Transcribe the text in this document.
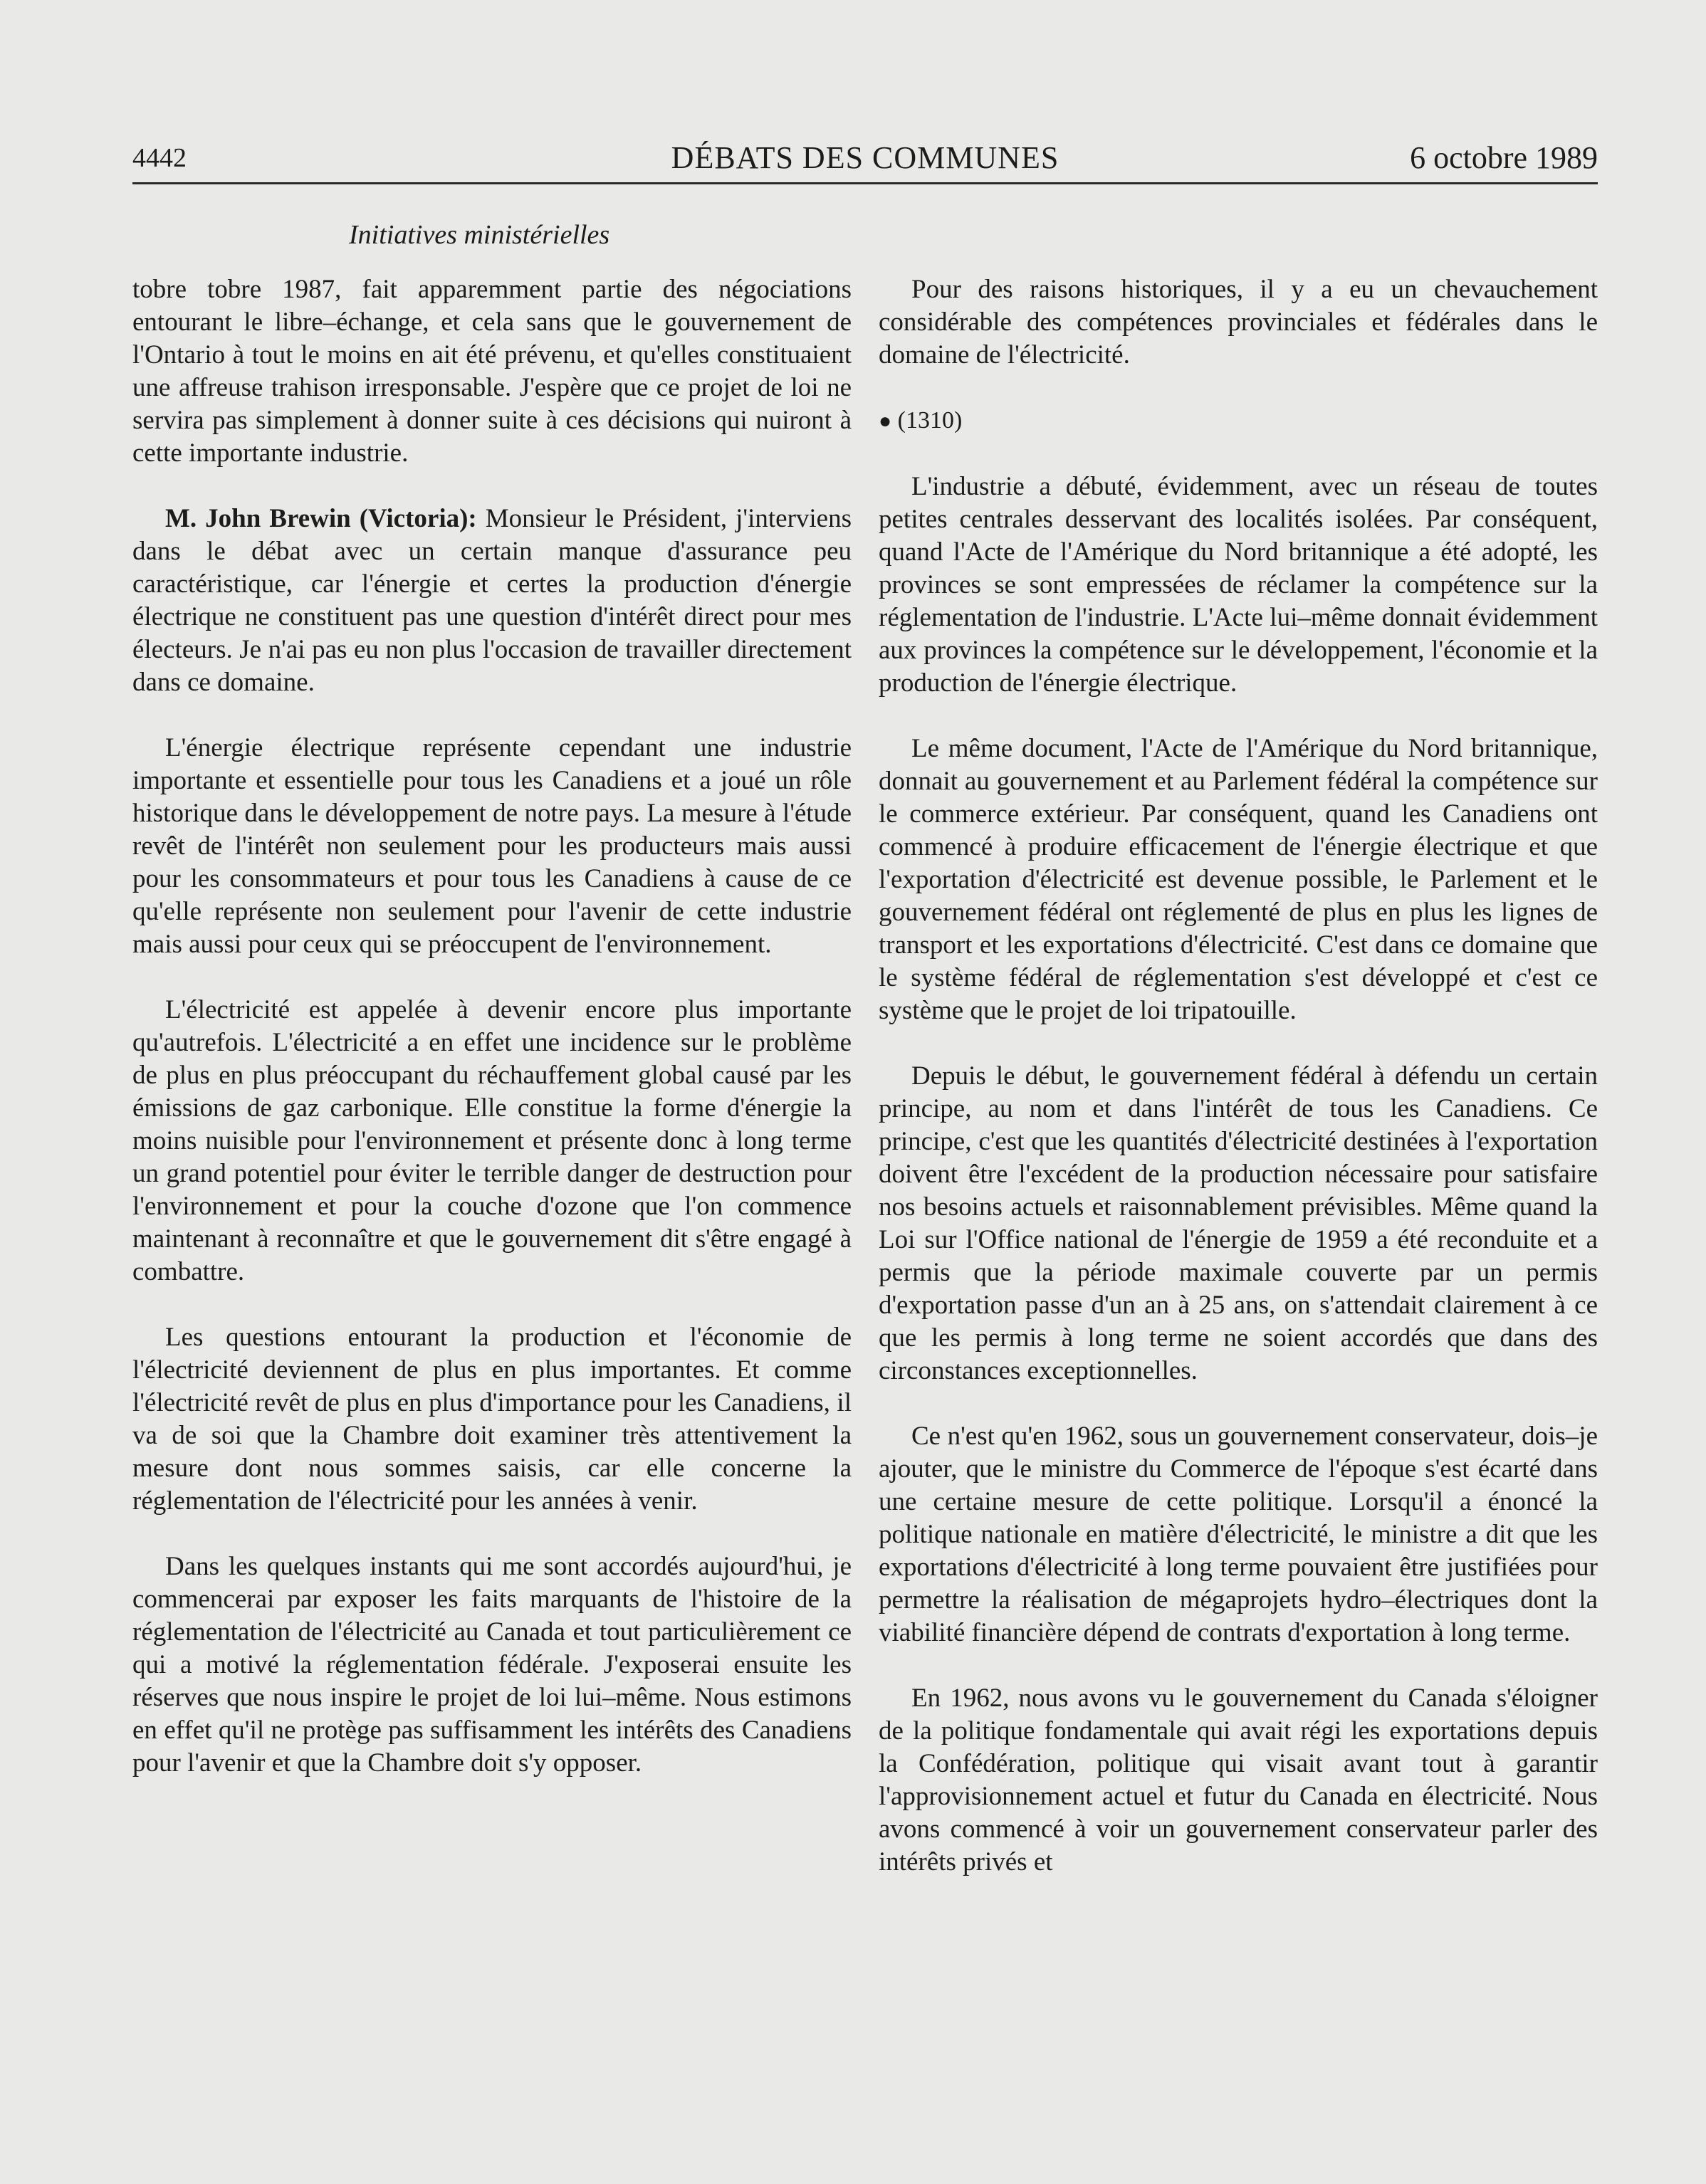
4442	DÉBATS DES COMMUNES	6 octobre 1989
Initiatives ministérielles

tobre tobre 1987, fait apparemment partie des négociations entourant le libre–échange, et cela sans que le gouvernement de l'Ontario à tout le moins en ait été prévenu, et qu'elles constituaient une affreuse trahison irresponsable. J'espère que ce projet de loi ne servira pas simplement à donner suite à ces décisions qui nuiront à cette importante industrie.

M. John Brewin (Victoria): Monsieur le Président, j'interviens dans le débat avec un certain manque d'assurance peu caractéristique, car l'énergie et certes la production d'énergie électrique ne constituent pas une question d'intérêt direct pour mes électeurs. Je n'ai pas eu non plus l'occasion de travailler directement dans ce domaine.

L'énergie électrique représente cependant une industrie importante et essentielle pour tous les Canadiens et a joué un rôle historique dans le développement de notre pays. La mesure à l'étude revêt de l'intérêt non seulement pour les producteurs mais aussi pour les consommateurs et pour tous les Canadiens à cause de ce qu'elle représente non seulement pour l'avenir de cette industrie mais aussi pour ceux qui se préoccupent de l'environnement.

L'électricité est appelée à devenir encore plus importante qu'autrefois. L'électricité a en effet une incidence sur le problème de plus en plus préoccupant du réchauffement global causé par les émissions de gaz carbonique. Elle constitue la forme d'énergie la moins nuisible pour l'environnement et présente donc à long terme un grand potentiel pour éviter le terrible danger de destruction pour l'environnement et pour la couche d'ozone que l'on commence maintenant à reconnaître et que le gouvernement dit s'être engagé à combattre.

Les questions entourant la production et l'économie de l'électricité deviennent de plus en plus importantes. Et comme l'électricité revêt de plus en plus d'importance pour les Canadiens, il va de soi que la Chambre doit examiner très attentivement la mesure dont nous sommes saisis, car elle concerne la réglementation de l'électricité pour les années à venir.

Dans les quelques instants qui me sont accordés aujourd'hui, je commencerai par exposer les faits marquants de l'histoire de la réglementation de l'électricité au Canada et tout particulièrement ce qui a motivé la réglementation fédérale. J'exposerai ensuite les réserves que nous inspire le projet de loi lui–même. Nous estimons en effet qu'il ne protège pas suffisamment les intérêts des Canadiens pour l'avenir et que la Chambre doit s'y opposer.

Pour des raisons historiques, il y a eu un chevauchement considérable des compétences provinciales et fédérales dans le domaine de l'électricité.

● (1310)

L'industrie a débuté, évidemment, avec un réseau de toutes petites centrales desservant des localités isolées. Par conséquent, quand l'Acte de l'Amérique du Nord britannique a été adopté, les provinces se sont empressées de réclamer la compétence sur la réglementation de l'industrie. L'Acte lui–même donnait évidemment aux provinces la compétence sur le développement, l'économie et la production de l'énergie électrique.

Le même document, l'Acte de l'Amérique du Nord britannique, donnait au gouvernement et au Parlement fédéral la compétence sur le commerce extérieur. Par conséquent, quand les Canadiens ont commencé à produire efficacement de l'énergie électrique et que l'exportation d'électricité est devenue possible, le Parlement et le gouvernement fédéral ont réglementé de plus en plus les lignes de transport et les exportations d'électricité. C'est dans ce domaine que le système fédéral de réglementation s'est développé et c'est ce système que le projet de loi tripatouille.

Depuis le début, le gouvernement fédéral à défendu un certain principe, au nom et dans l'intérêt de tous les Canadiens. Ce principe, c'est que les quantités d'électricité destinées à l'exportation doivent être l'excédent de la production nécessaire pour satisfaire nos besoins actuels et raisonnablement prévisibles. Même quand la Loi sur l'Office national de l'énergie de 1959 a été reconduite et a permis que la période maximale couverte par un permis d'exportation passe d'un an à 25 ans, on s'attendait clairement à ce que les permis à long terme ne soient accordés que dans des circonstances exceptionnelles.

Ce n'est qu'en 1962, sous un gouvernement conservateur, dois–je ajouter, que le ministre du Commerce de l'époque s'est écarté dans une certaine mesure de cette politique. Lorsqu'il a énoncé la politique nationale en matière d'électricité, le ministre a dit que les exportations d'électricité à long terme pouvaient être justifiées pour permettre la réalisation de mégaprojets hydro–électriques dont la viabilité financière dépend de contrats d'exportation à long terme.

En 1962, nous avons vu le gouvernement du Canada s'éloigner de la politique fondamentale qui avait régi les exportations depuis la Confédération, politique qui visait avant tout à garantir l'approvisionnement actuel et futur du Canada en électricité. Nous avons commencé à voir un gouvernement conservateur parler des intérêts privés et
